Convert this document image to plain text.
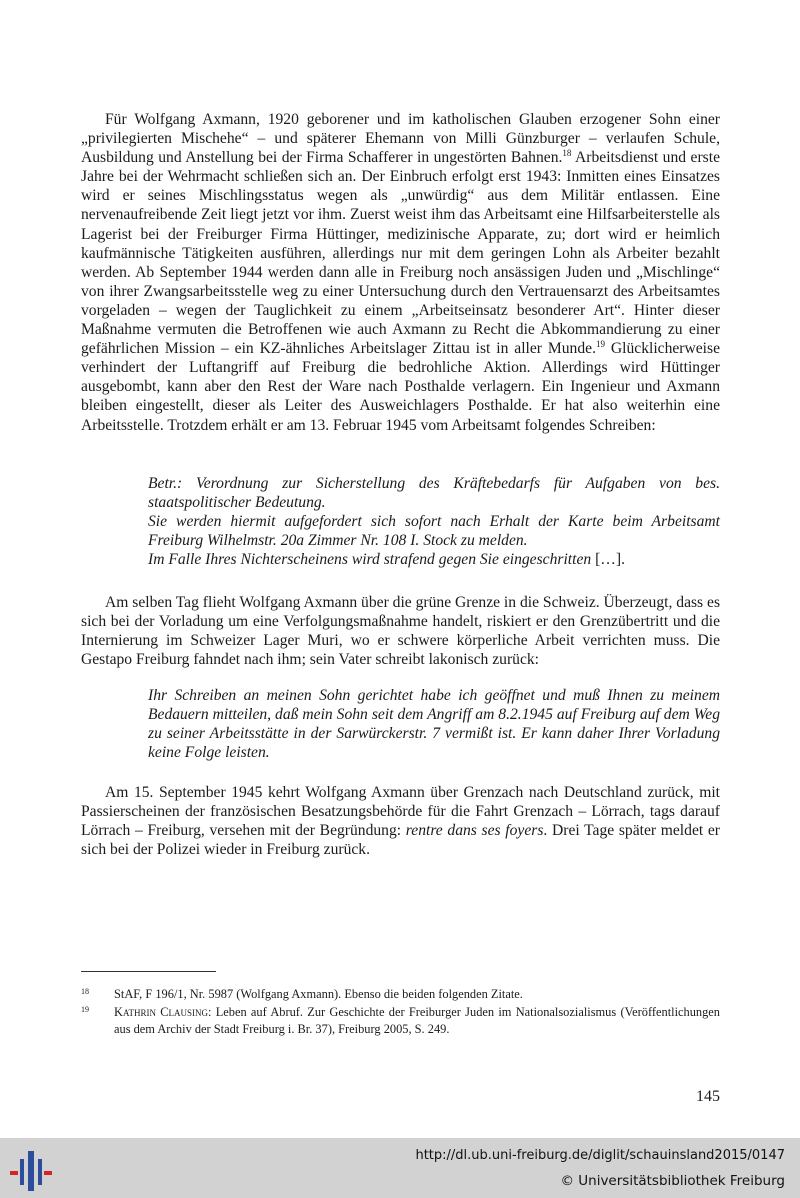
Für Wolfgang Axmann, 1920 geborener und im katholischen Glauben erzogener Sohn einer „privilegierten Mischehe“ – und späterer Ehemann von Milli Günzburger – verlaufen Schule, Ausbildung und Anstellung bei der Firma Schafferer in ungestörten Bahnen.$^{18}$ Arbeitsdienst und erste Jahre bei der Wehrmacht schließen sich an. Der Einbruch erfolgt erst 1943: Inmitten eines Einsatzes wird er seines Mischlingsstatus wegen als „unwürdig“ aus dem Militär entlassen. Eine nervenaufreibende Zeit liegt jetzt vor ihm. Zuerst weist ihm das Arbeitsamt eine Hilfsarbeiterstelle als Lagerist bei der Freiburger Firma Hüttinger, medizinische Apparate, zu; dort wird er heimlich kaufmännische Tätigkeiten ausführen, allerdings nur mit dem geringen Lohn als Arbeiter bezahlt werden. Ab September 1944 werden dann alle in Freiburg noch ansässigen Juden und „Mischlinge“ von ihrer Zwangsarbeitsstelle weg zu einer Untersuchung durch den Vertrauensarzt des Arbeitsamtes vorgeladen – wegen der Tauglichkeit zu einem „Arbeitseinsatz besonderer Art“. Hinter dieser Maßnahme vermuten die Betroffenen wie auch Axmann zu Recht die Abkommandierung zu einer gefährlichen Mission – ein KZ-ähnliches Arbeitslager Zittau ist in aller Munde.$^{19}$ Glücklicherweise verhindert der Luftangriff auf Freiburg die bedrohliche Aktion. Allerdings wird Hüttinger ausgebombt, kann aber den Rest der Ware nach Posthalde verlagern. Ein Ingenieur und Axmann bleiben eingestellt, dieser als Leiter des Ausweichlagers Posthalde. Er hat also weiterhin eine Arbeitsstelle. Trotzdem erhält er am 13. Februar 1945 vom Arbeitsamt folgendes Schreiben:

Betr.: Verordnung zur Sicherstellung des Kräftebedarfs für Aufgaben von bes. staatspolitischer Bedeutung.

Sie werden hiermit aufgefordert sich sofort nach Erhalt der Karte beim Arbeitsamt Freiburg Wilhelmstr. 20a Zimmer Nr. 108 I. Stock zu melden.

Im Falle Ihres Nichterscheinens wird strafend gegen Sie eingeschritten […].

Am selben Tag flieht Wolfgang Axmann über die grüne Grenze in die Schweiz. Überzeugt, dass es sich bei der Vorladung um eine Verfolgungsmaßnahme handelt, riskiert er den Grenzübertritt und die Internierung im Schweizer Lager Muri, wo er schwere körperliche Arbeit verrichten muss. Die Gestapo Freiburg fahndet nach ihm; sein Vater schreibt lakonisch zurück:

Ihr Schreiben an meinen Sohn gerichtet habe ich geöffnet und muß Ihnen zu meinem Bedauern mitteilen, daß mein Sohn seit dem Angriff am 8.2.1945 auf Freiburg auf dem Weg zu seiner Arbeitsstätte in der Sarwürckerstr. 7 vermißt ist. Er kann daher Ihrer Vorladung keine Folge leisten.

Am 15. September 1945 kehrt Wolfgang Axmann über Grenzach nach Deutschland zurück, mit Passierscheinen der französischen Besatzungsbehörde für die Fahrt Grenzach – Lörrach, tags darauf Lörrach – Freiburg, versehen mit der Begründung: rentre dans ses foyers. Drei Tage später meldet er sich bei der Polizei wieder in Freiburg zurück.

18 StAF, F 196/1, Nr. 5987 (Wolfgang Axmann). Ebenso die beiden folgenden Zitate.
19 Kathrin Clausing: Leben auf Abruf. Zur Geschichte der Freiburger Juden im Nationalsozialismus (Veröffentlichungen aus dem Archiv der Stadt Freiburg i. Br. 37), Freiburg 2005, S. 249.
145
http://dl.ub.uni-freiburg.de/diglit/schauinsland2015/0147
© Universitätsbibliothek Freiburg
